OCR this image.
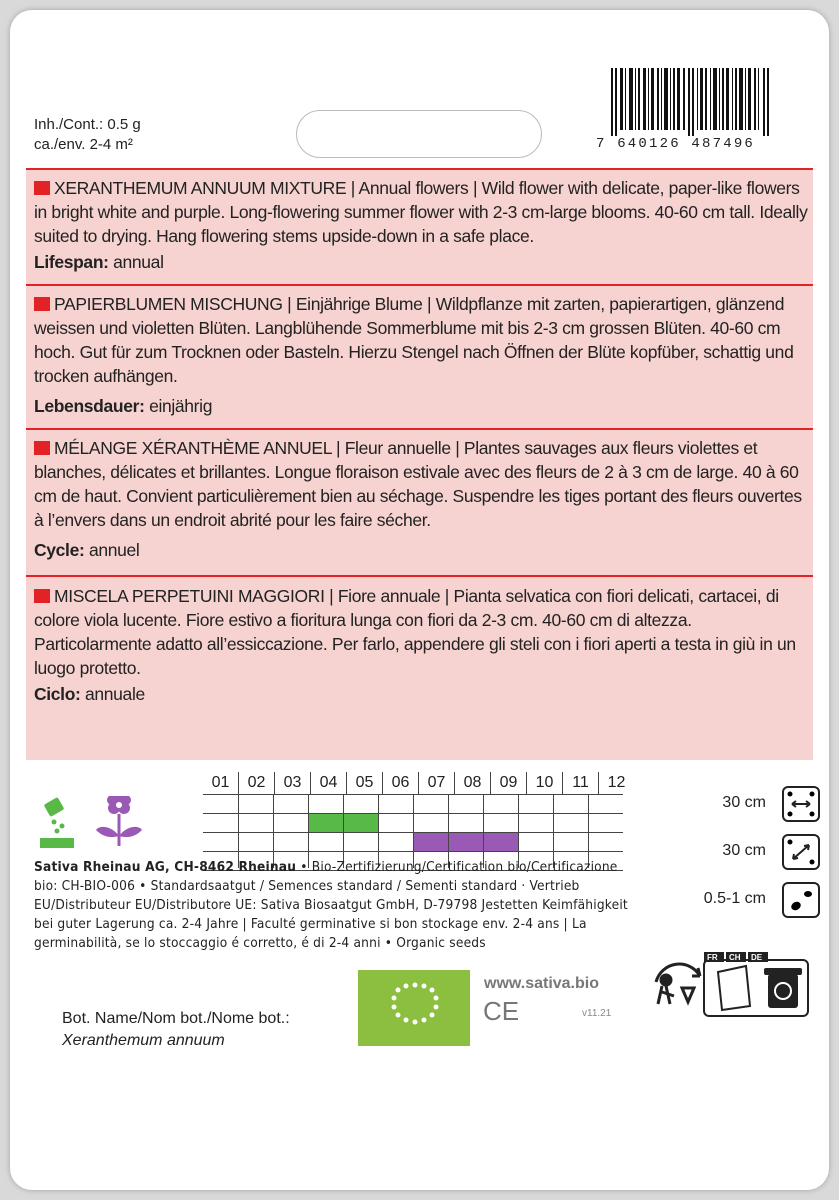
Inh./Cont.: 0.5 g
ca./env. 2-4 m²	7 640126 487496
XERANTHEMUM ANNUUM MIXTURE | Annual flowers | Wild flower with delicate, paper-like flowers in bright white and purple. Long-flowering summer flower with 2-3 cm-large blooms. 40-60 cm tall. Ideally suited to drying. Hang flowering stems upside-down in a safe place.
Lifespan: annual
PAPIERBLUMEN MISCHUNG | Einjährige Blume | Wildpflanze mit zarten, papierartigen, glänzend weissen und violetten Blüten. Langblühende Sommerblume mit bis 2-3 cm grossen Blüten. 40-60 cm hoch. Gut für zum Trocknen oder Basteln. Hierzu Stengel nach Öffnen der Blüte kopfüber, schattig und trocken aufhängen.
Lebensdauer: einjährig
MÉLANGE XÉRANTHÈME ANNUEL | Fleur annuelle | Plantes sauvages aux fleurs violettes et blanches, délicates et brillantes. Longue floraison estivale avec des fleurs de 2 à 3 cm de large. 40 à 60 cm de haut. Convient particulièrement bien au séchage. Suspendre les tiges portant des fleurs ouvertes à l’envers dans un endroit abrité pour les faire sécher.
Cycle: annuel
MISCELA PERPETUINI MAGGIORI | Fiore annuale | Pianta selvatica con fiori delicati, cartacei, di colore viola lucente. Fiore estivo a fioritura lunga con fiori da 2-3 cm. 40-60 cm di altezza. Particolarmente adatto all’essiccazione. Per farlo, appendere gli steli con i fiori aperti a testa in giù in un luogo protetto.
Ciclo: annuale
01	02	03	04	05	06	07	08	09	10	11	12
30 cm
30 cm
0.5-1 cm
Sativa Rheinau AG, CH-8462 Rheinau • Bio-Zertifizierung/Certification bio/Certificazione bio: CH-BIO-006 • Standardsaatgut / Semences standard / Sementi standard · Vertrieb EU/Distributeur EU/Distributore UE: Sativa Biosaatgut GmbH, D-79798 Jestetten Keimfähigkeit bei guter Lagerung ca. 2-4 Jahre | Faculté germinative si bon stockage env. 2-4 ans | La germinabilità, se lo stoccaggio é corretto, é di 2-4 anni • Organic seeds
www.sativa.bio
CE	v11.21
Bot. Name/Nom bot./Nome bot.:
Xeranthemum annuum
FR CH DE
